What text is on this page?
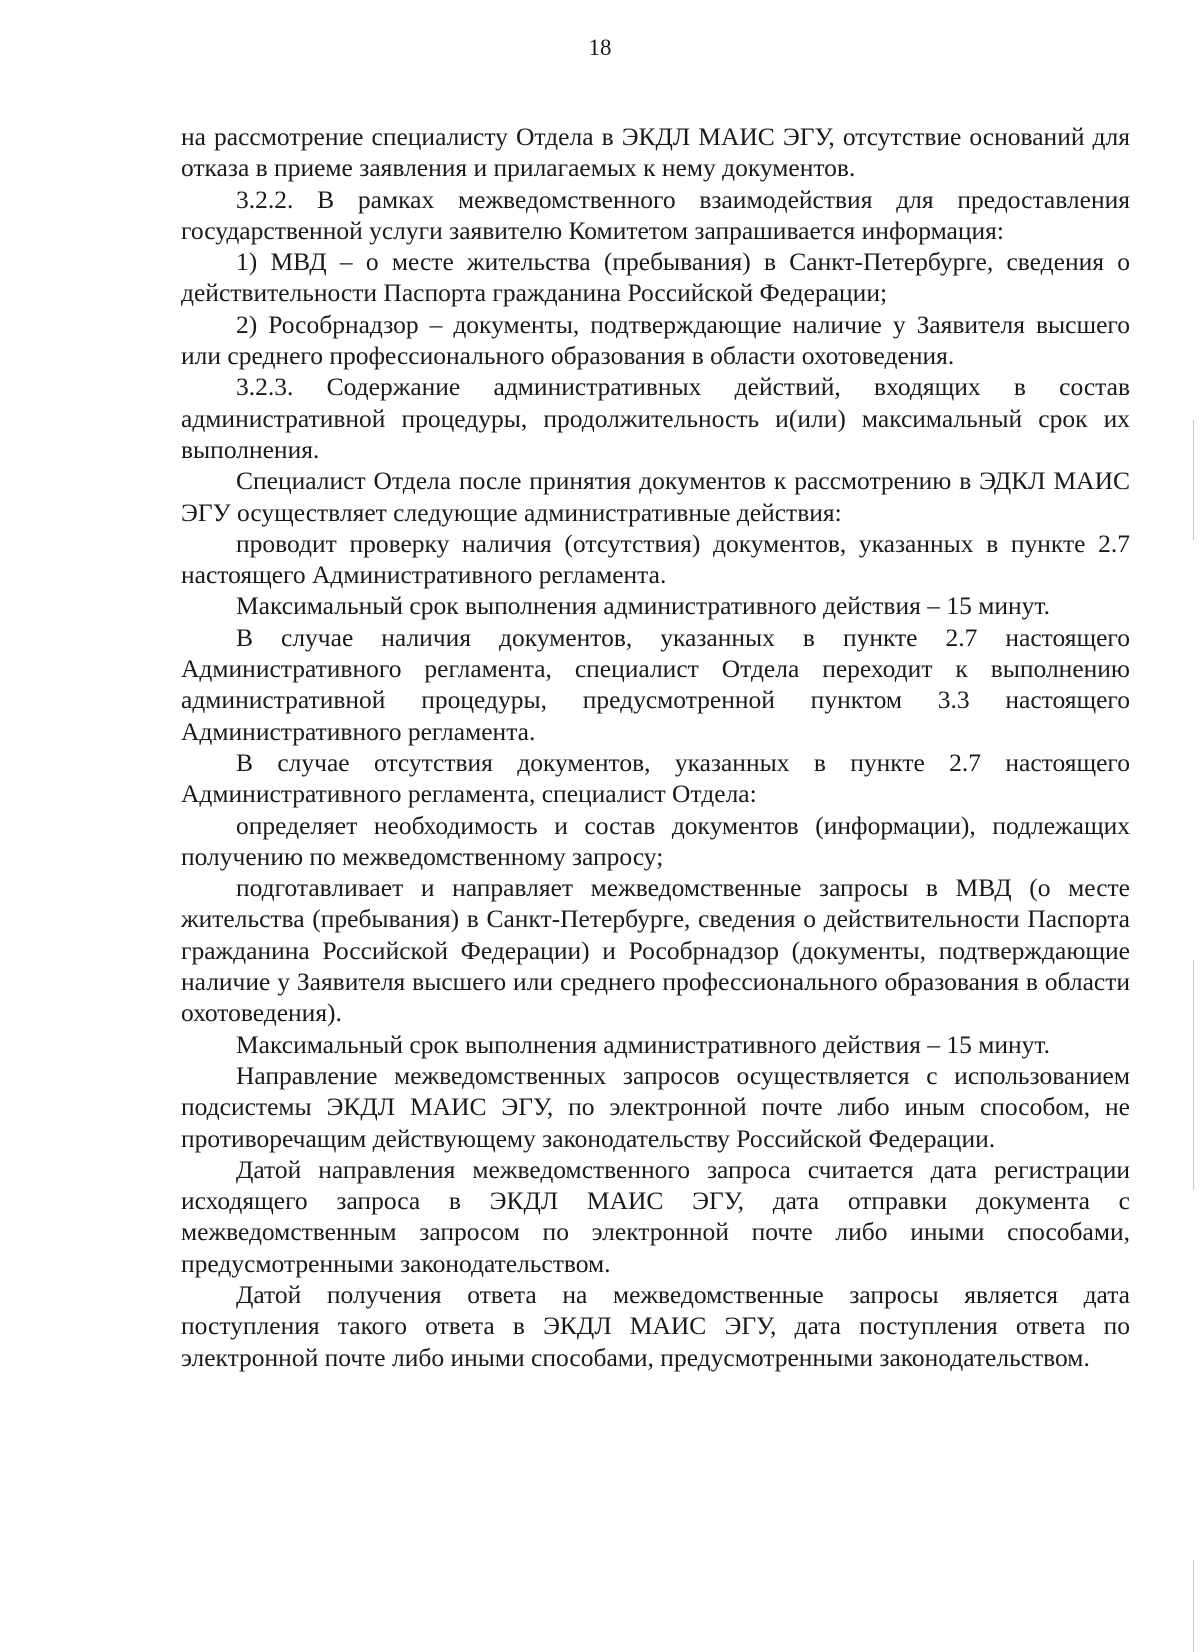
18

на рассмотрение специалисту Отдела в ЭКДЛ МАИС ЭГУ, отсутствие оснований для отказа в приеме заявления и прилагаемых к нему документов.

3.2.2. В рамках межведомственного взаимодействия для предоставления государственной услуги заявителю Комитетом запрашивается информация:

1) МВД – о месте жительства (пребывания) в Санкт-Петербурге, сведения о действительности Паспорта гражданина Российской Федерации;

2) Рособрнадзор – документы, подтверждающие наличие у Заявителя высшего или среднего профессионального образования в области охотоведения.

3.2.3. Содержание административных действий, входящих в состав административной процедуры, продолжительность и(или) максимальный срок их выполнения.

Специалист Отдела после принятия документов к рассмотрению в ЭДКЛ МАИС ЭГУ осуществляет следующие административные действия:

проводит проверку наличия (отсутствия) документов, указанных в пункте 2.7 настоящего Административного регламента.

Максимальный срок выполнения административного действия – 15 минут.

В случае наличия документов, указанных в пункте 2.7 настоящего Административного регламента, специалист Отдела переходит к выполнению административной процедуры, предусмотренной пунктом 3.3 настоящего Административного регламента.

В случае отсутствия документов, указанных в пункте 2.7 настоящего Административного регламента, специалист Отдела:

определяет необходимость и состав документов (информации), подлежащих получению по межведомственному запросу;

подготавливает и направляет межведомственные запросы в МВД (о месте жительства (пребывания) в Санкт-Петербурге, сведения о действительности Паспорта гражданина Российской Федерации) и Рособрнадзор (документы, подтверждающие наличие у Заявителя высшего или среднего профессионального образования в области охотоведения).

Максимальный срок выполнения административного действия – 15 минут.

Направление межведомственных запросов осуществляется с использованием подсистемы ЭКДЛ МАИС ЭГУ, по электронной почте либо иным способом, не противоречащим действующему законодательству Российской Федерации.

Датой направления межведомственного запроса считается дата регистрации исходящего запроса в ЭКДЛ МАИС ЭГУ, дата отправки документа с межведомственным запросом по электронной почте либо иными способами, предусмотренными законодательством.

Датой получения ответа на межведомственные запросы является дата поступления такого ответа в ЭКДЛ МАИС ЭГУ, дата поступления ответа по электронной почте либо иными способами, предусмотренными законодательством.
